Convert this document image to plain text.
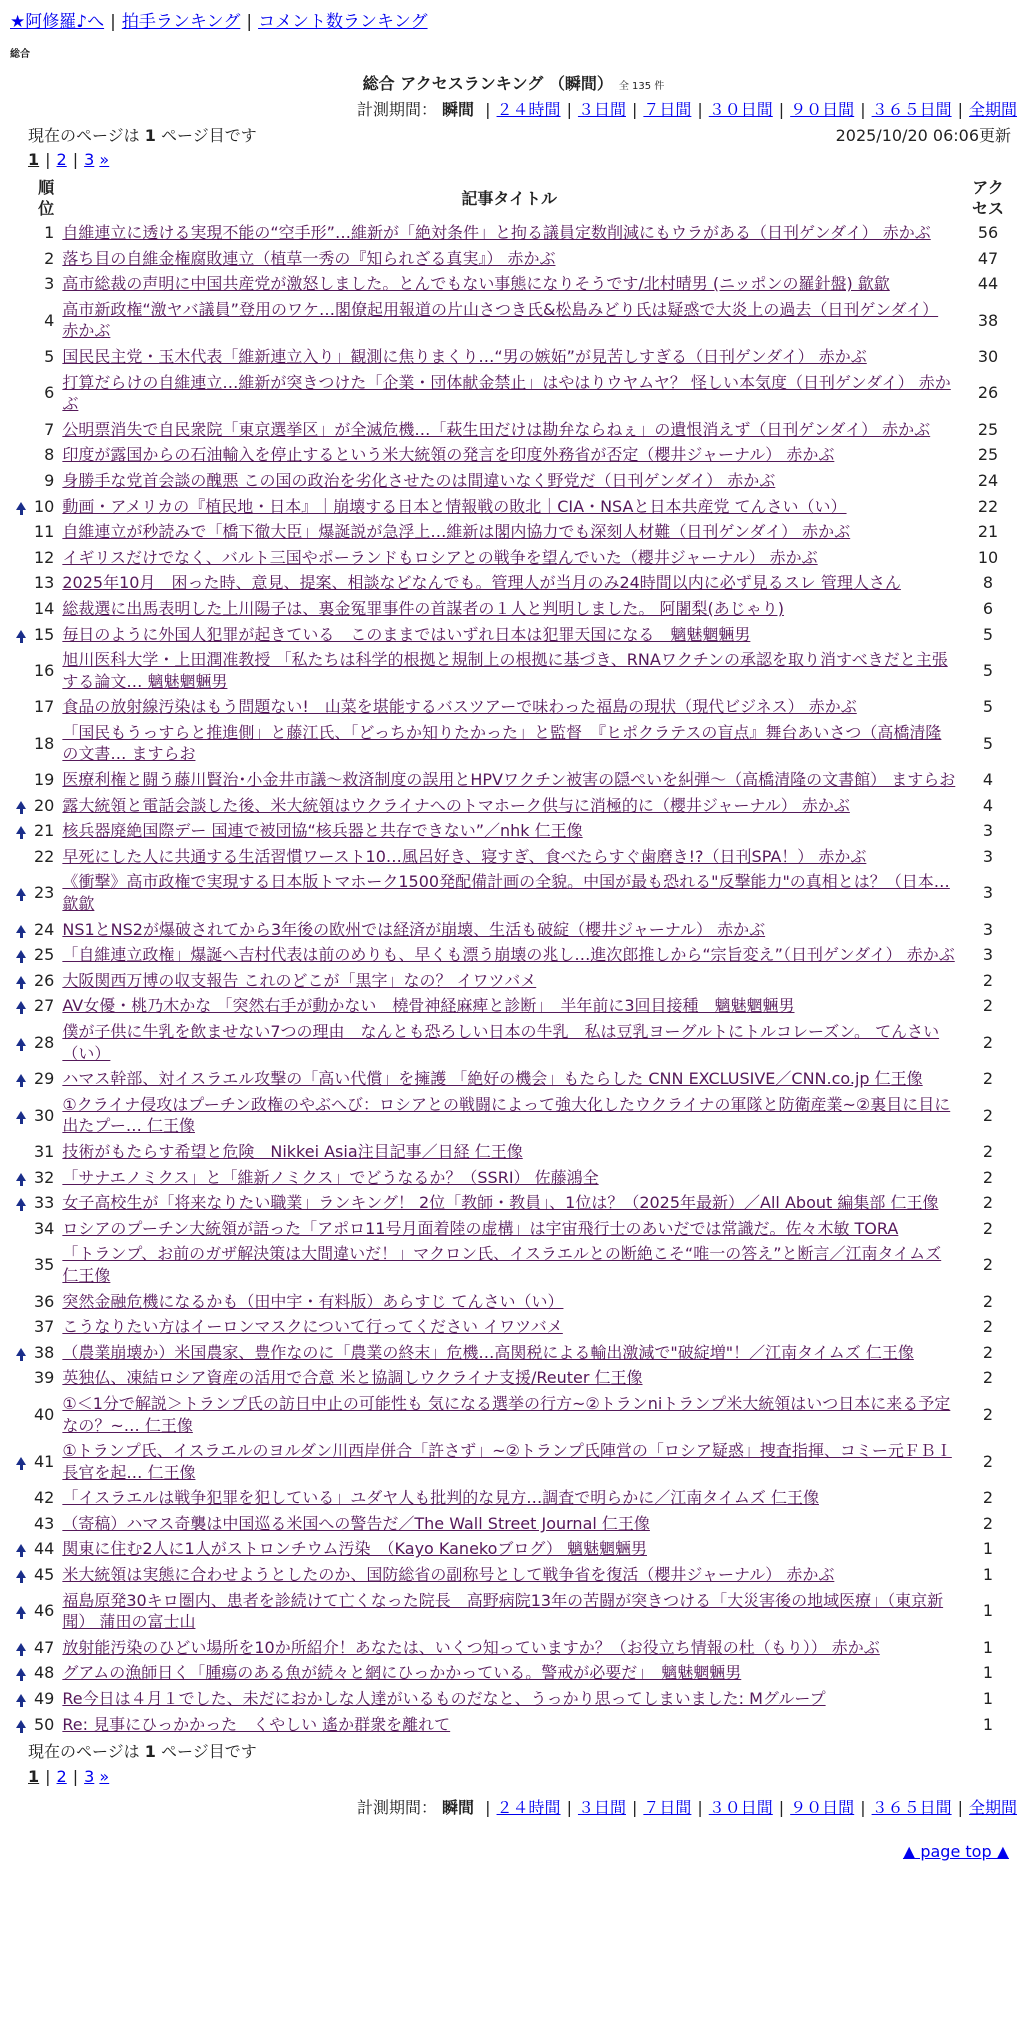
★阿修羅♪へ | 拍手ランキング | コメント数ランキング
総合
総合 アクセスランキング （瞬間） 全 135 件
計測期間： 瞬間 | ２４時間 | ３日間 | ７日間 | ３０日間 | ９０日間 | ３６５日間 | 全期間
現在のページは 1 ページ目です	2025/10/20 06:06更新
1 | 2 | 3 »
	順位	記事タイトル	アクセス
	1	自維連立に透ける実現不能の“空手形”…維新が「絶対条件」と拘る議員定数削減にもウラがある（日刊ゲンダイ） 赤かぶ	56
	2	落ち目の自維金権腐敗連立（植草一秀の『知られざる真実』） 赤かぶ	47
	3	高市総裁の声明に中国共産党が激怒しました。とんでもない事態になりそうです/北村晴男 (ニッポンの羅針盤) 歙歙	44
	4	高市新政権“激ヤバ議員”登用のワケ…閣僚起用報道の片山さつき氏&松島みどり氏は疑惑で大炎上の過去（日刊ゲンダイ） 赤かぶ	38
	5	国民民主党・玉木代表「維新連立入り」観測に焦りまくり…“男の嫉妬”が見苦しすぎる（日刊ゲンダイ） 赤かぶ	30
	6	打算だらけの自維連立…維新が突きつけた「企業・団体献金禁止」はやはりウヤムヤ？ 怪しい本気度（日刊ゲンダイ） 赤かぶ	26
	7	公明票消失で自民衆院「東京選挙区」が全滅危機…「萩生田だけは勘弁ならねぇ」の遺恨消えず（日刊ゲンダイ） 赤かぶ	25
	8	印度が露国からの石油輸入を停止するという米大統領の発言を印度外務省が否定（櫻井ジャーナル） 赤かぶ	25
	9	身勝手な党首会談の醜悪 この国の政治を劣化させたのは間違いなく野党だ（日刊ゲンダイ） 赤かぶ	24
	10	動画・アメリカの『植民地・日本』｜崩壊する日本と情報戦の敗北｜CIA・NSAと日本共産党 てんさい（い）	22
	11	自維連立が秒読みで「橋下徹大臣」爆誕説が急浮上…維新は閣内協力でも深刻人材難（日刊ゲンダイ） 赤かぶ	21
	12	イギリスだけでなく、バルト三国やポーランドもロシアとの戦争を望んでいた（櫻井ジャーナル） 赤かぶ	10
	13	2025年10月　困った時、意見、提案、相談などなんでも。管理人が当月のみ24時間以内に必ず見るスレ 管理人さん	8
	14	総裁選に出馬表明した上川陽子は、裏金冤罪事件の首謀者の１人と判明しました。 阿闍梨(あじゃり)	6
	15	毎日のように外国人犯罪が起きている　このままではいずれ日本は犯罪天国になる　魑魅魍魎男	5
	16	旭川医科大学・上田潤准教授 「私たちは科学的根拠と規制上の根拠に基づき、RNAワクチンの承認を取り消すべきだと主張する論文… 魑魅魍魎男	5
	17	食品の放射線汚染はもう問題ない!　山菜を堪能するバスツアーで味わった福島の現状（現代ビジネス） 赤かぶ	5
	18	「国民もうっすらと推進側」と藤江氏、「どっちか知りたかった」と監督　『ヒポクラテスの盲点』舞台あいさつ（高橋清隆の文書… ますらお	5
	19	医療利権と闘う藤川賢治･小金井市議～救済制度の誤用とHPVワクチン被害の隠ぺいを糾弾～（高橋清隆の文書館） ますらお	4
	20	露大統領と電話会談した後、米大統領はウクライナへのトマホーク供与に消極的に（櫻井ジャーナル） 赤かぶ	4
	21	核兵器廃絶国際デー 国連で被団協“核兵器と共存できない”／nhk 仁王像	3
	22	早死にした人に共通する生活習慣ワースト10…風呂好き、寝すぎ、食べたらすぐ歯磨き!?（日刊SPA！） 赤かぶ	3
	23	《衝撃》高市政権で実現する日本版トマホーク1500発配備計画の全貌。中国が最も恐れる"反撃能力"の真相とは？（日本… 歙歙	3
	24	NS1とNS2が爆破されてから3年後の欧州では経済が崩壊、生活も破綻（櫻井ジャーナル） 赤かぶ	3
	25	「自維連立政権」爆誕へ吉村代表は前のめりも、早くも漂う崩壊の兆し…進次郎推しから“宗旨変え”（日刊ゲンダイ） 赤かぶ	3
	26	大阪関西万博の収支報告 これのどこが「黒字」なの？ イワツバメ	2
	27	AV女優・桃乃木かな 「突然右手が動かない　橈骨神経麻痺と診断」　半年前に3回目接種　魑魅魍魎男	2
	28	僕が子供に牛乳を飲ませない7つの理由　なんとも恐ろしい日本の牛乳　私は豆乳ヨーグルトにトルコレーズン。 てんさい（い）	2
	29	ハマス幹部、対イスラエル攻撃の「高い代償」を擁護 「絶好の機会」もたらした CNN EXCLUSIVE／CNN.co.jp 仁王像	2
	30	①クライナ侵攻はプーチン政権のやぶへび：ロシアとの戦闘によって強大化したウクライナの軍隊と防衛産業~②裏目に目に出たプー… 仁王像	2
	31	技術がもたらす希望と危険　Nikkei Asia注目記事／日経 仁王像	2
	32	「サナエノミクス」と「維新ノミクス」でどうなるか？（SSRI） 佐藤鴻全	2
	33	女子高校生が「将来なりたい職業」ランキング！ 2位「教師・教員」、1位は？（2025年最新）／All About 編集部 仁王像	2
	34	ロシアのプーチン大統領が語った「アポロ11号月面着陸の虚構」は宇宙飛行士のあいだでは常識だ。佐々木敏 TORA	2
	35	「トランプ、お前のガザ解決策は大間違いだ！」マクロン氏、イスラエルとの断絶こそ“唯一の答え”と断言／江南タイムズ 仁王像	2
	36	突然金融危機になるかも（田中宇・有料版）あらすじ てんさい（い）	2
	37	こうなりたい方はイーロンマスクについて行ってください イワツバメ	2
	38	（農業崩壊か）米国農家、豊作なのに「農業の終末」危機…高関税による輸出激減で"破綻増"！／江南タイムズ 仁王像	2
	39	英独仏、凍結ロシア資産の活用で合意 米と協調しウクライナ支援/Reuter 仁王像	2
	40	①＜1分で解説＞トランプ氏の訪日中止の可能性も 気になる選挙の行方~②トランniトランプ米大統領はいつ日本に来る予定なの？~… 仁王像	2
	41	①トランプ氏、イスラエルのヨルダン川西岸併合「許さず」~②トランプ氏陣営の「ロシア疑惑」捜査指揮、コミー元ＦＢＩ長官を起… 仁王像	2
	42	「イスラエルは戦争犯罪を犯している」ユダヤ人も批判的な見方…調査で明らかに／江南タイムズ 仁王像	2
	43	（寄稿）ハマス奇襲は中国巡る米国への警告だ／The Wall Street Journal 仁王像	2
	44	関東に住む2人に1人がストロンチウム汚染　（Kayo Kanekoブログ） 魑魅魍魎男	1
	45	米大統領は実態に合わせようとしたのか、国防総省の副称号として戦争省を復活（櫻井ジャーナル） 赤かぶ	1
	46	福島原発30キロ圏内、患者を診続けて亡くなった院長　高野病院13年の苦闘が突きつける「大災害後の地域医療」（東京新聞） 蒲田の富士山	1
	47	放射能汚染のひどい場所を10か所紹介！あなたは、いくつ知っていますか？（お役立ち情報の杜（もり）） 赤かぶ	1
	48	グアムの漁師日く「腫瘍のある魚が続々と網にひっかかっている。警戒が必要だ」　魑魅魍魎男	1
	49	Re今日は４月１でした、未だにおかしな人達がいるものだなと、うっかり思ってしまいました: Mグループ	1
	50	Re: 見事にひっかかった　くやしい 遙か群衆を離れて	1
現在のページは 1 ページ目です
1 | 2 | 3 »
計測期間： 瞬間 | ２４時間 | ３日間 | ７日間 | ３０日間 | ９０日間 | ３６５日間 | 全期間
▲ page top ▲
